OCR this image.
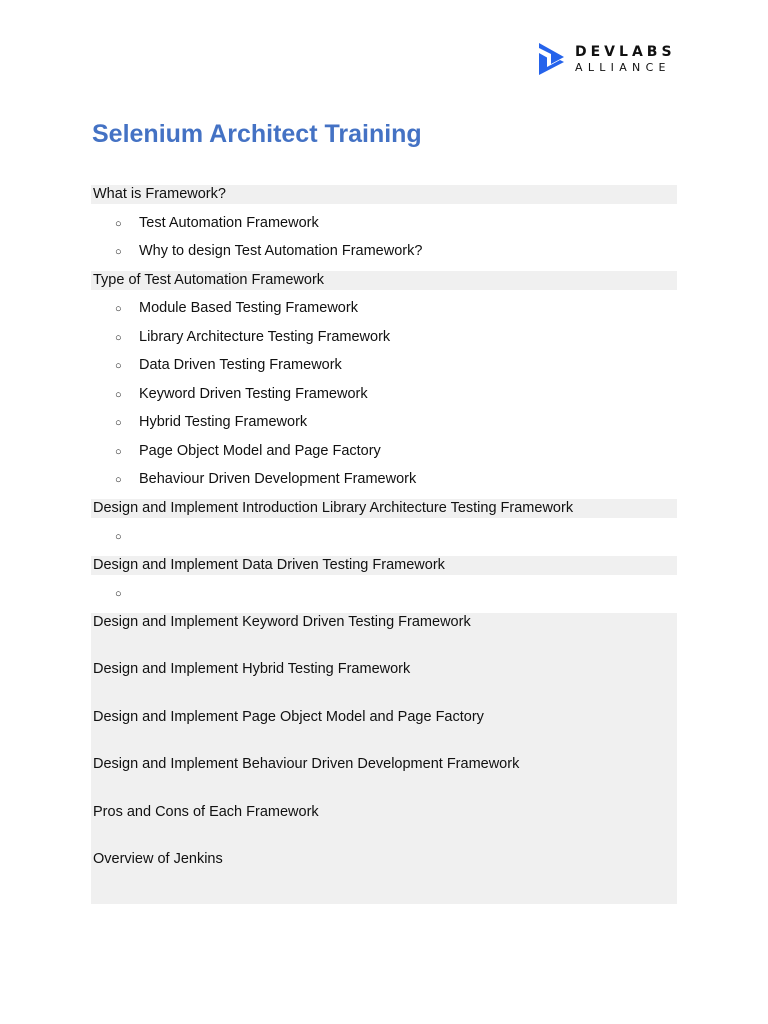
DEVLABS
ALLIANCE
Selenium Architect Training
What is Framework?
○ Test Automation Framework
○ Why to design Test Automation Framework?
Type of Test Automation Framework
○ Module Based Testing Framework
○ Library Architecture Testing Framework
○ Data Driven Testing Framework
○ Keyword Driven Testing Framework
○ Hybrid Testing Framework
○ Page Object Model and Page Factory
○ Behaviour Driven Development Framework
Design and Implement Introduction Library Architecture Testing Framework
○
Design and Implement Data Driven Testing Framework
○
Design and Implement Keyword Driven Testing Framework
Design and Implement Hybrid Testing Framework
Design and Implement Page Object Model and Page Factory
Design and Implement Behaviour Driven Development Framework
Pros and Cons of Each Framework
Overview of Jenkins
